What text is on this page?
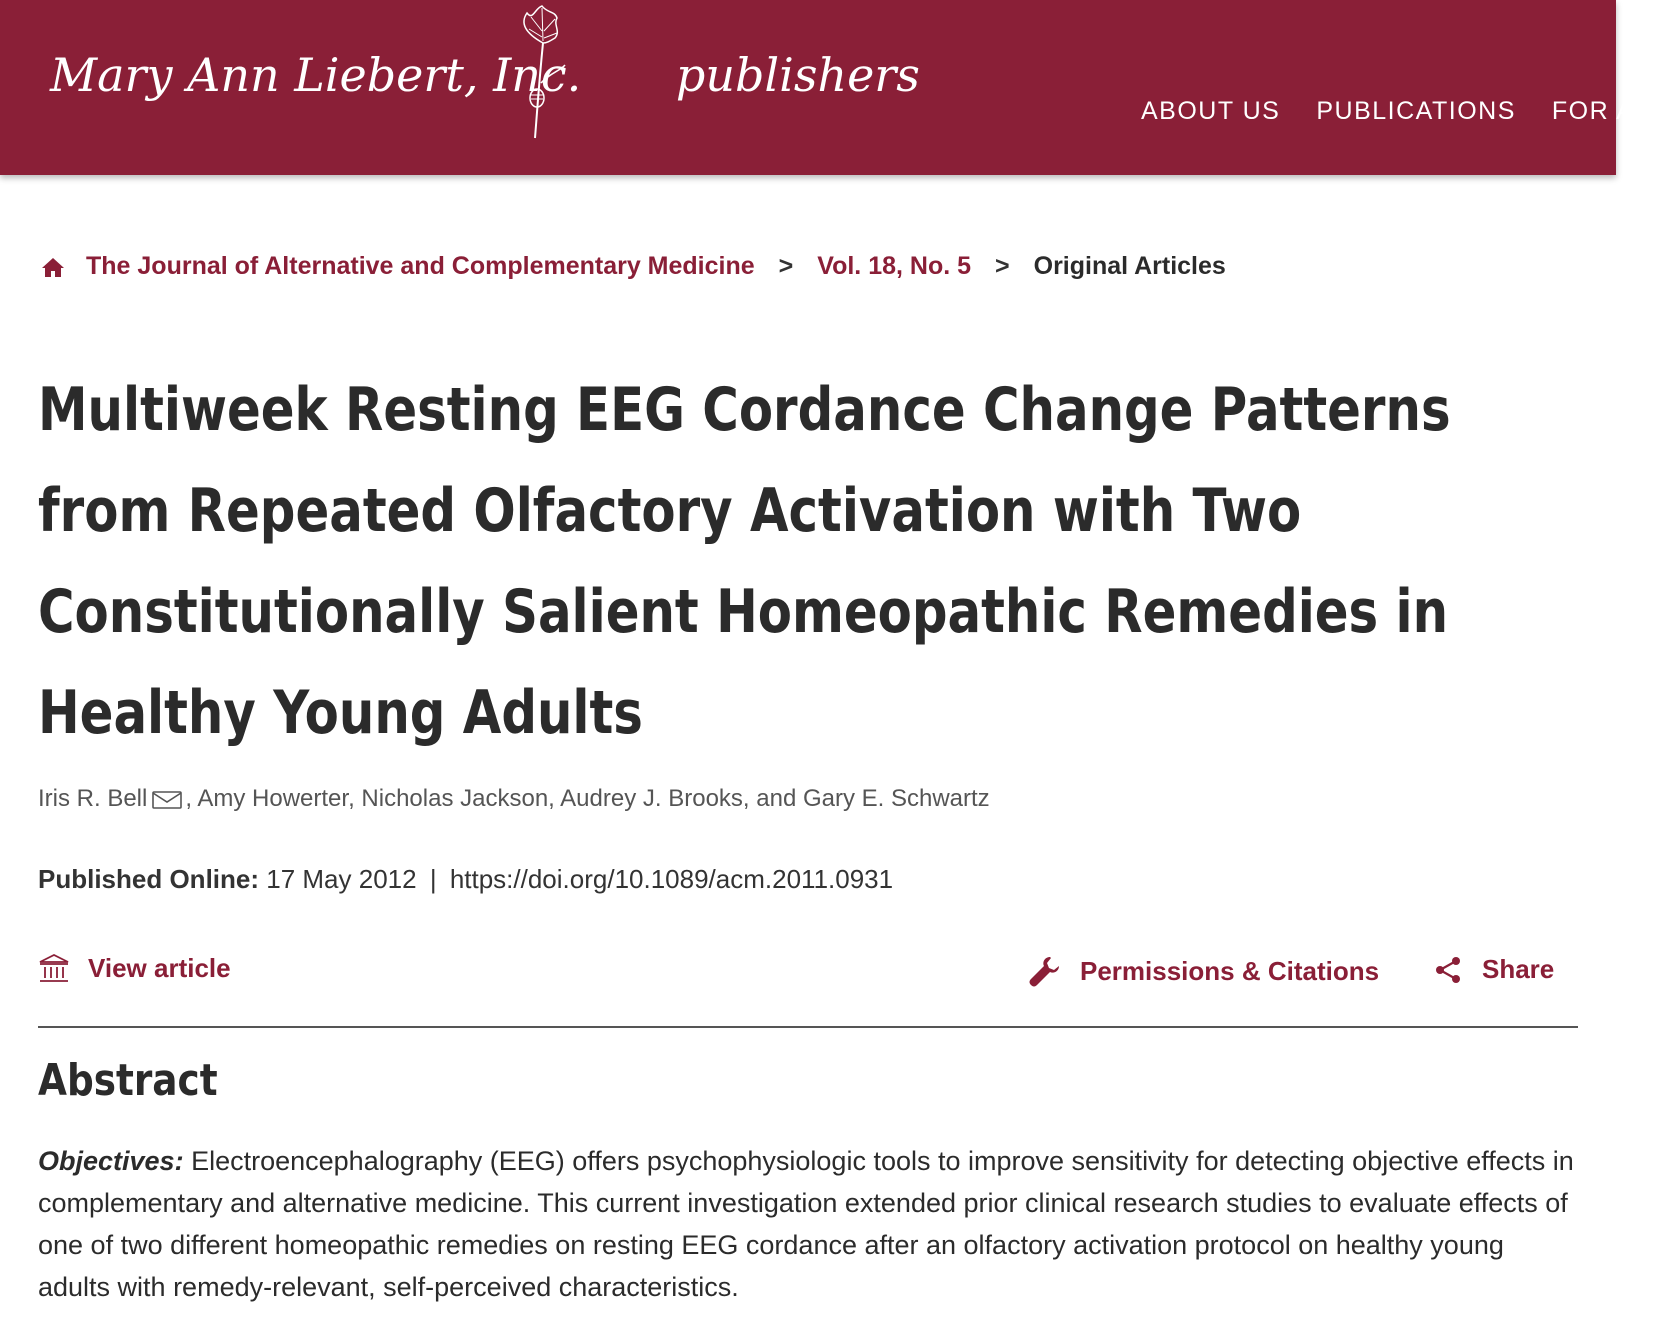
Mary Ann Liebert, Inc. publishers
ABOUT US PUBLICATIONS FOR AUT
The Journal of Alternative and Complementary Medicine > Vol. 18, No. 5 > Original Articles
Multiweek Resting EEG Cordance Change Patterns from Repeated Olfactory Activation with Two Constitutionally Salient Homeopathic Remedies in Healthy Young Adults
Iris R. Bell , Amy Howerter, Nicholas Jackson, Audrey J. Brooks, and Gary E. Schwartz
Published Online: 17 May 2012 | https://doi.org/10.1089/acm.2011.0931
View article	Permissions & Citations	Share
Abstract

Objectives: Electroencephalography (EEG) offers psychophysiologic tools to improve sensitivity for detecting objective effects in complementary and alternative medicine. This current investigation extended prior clinical research studies to evaluate effects of one of two different homeopathic remedies on resting EEG cordance after an olfactory activation protocol on healthy young adults with remedy-relevant, self-perceived characteristics.
